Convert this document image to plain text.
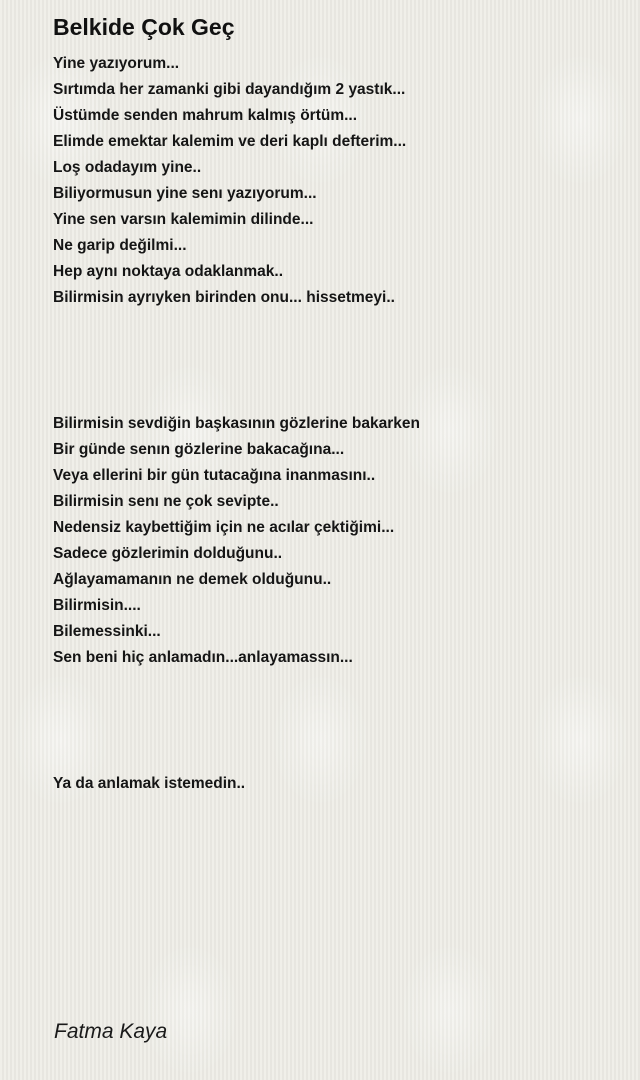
Belkide Çok Geç
Yine yazıyorum...
Sırtımda her zamanki gibi dayandığım 2 yastık...
Üstümde senden mahrum kalmış örtüm...
Elimde emektar kalemim ve deri kaplı defterim...
Loş odadayım yine..
Biliyormusun yine senı yazıyorum...
Yine sen varsın kalemimin dilinde...
Ne garip değilmi...
Hep aynı noktaya odaklanmak..
Bilirmisin ayrıyken birinden onu... hissetmeyi..
Bilirmisin sevdiğin başkasının gözlerine bakarken
Bir günde senın gözlerine bakacağına...
Veya ellerini bir gün tutacağına inanmasını..
Bilirmisin senı ne çok sevipte..
Nedensiz kaybettiğim için ne acılar çektiğimi...
Sadece gözlerimin dolduğunu..
Ağlayamamanın ne demek olduğunu..
Bilirmisin....
Bilemessinki...
Sen beni hiç anlamadın...anlayamassın...
Ya da anlamak istemedin..
Fatma Kaya
